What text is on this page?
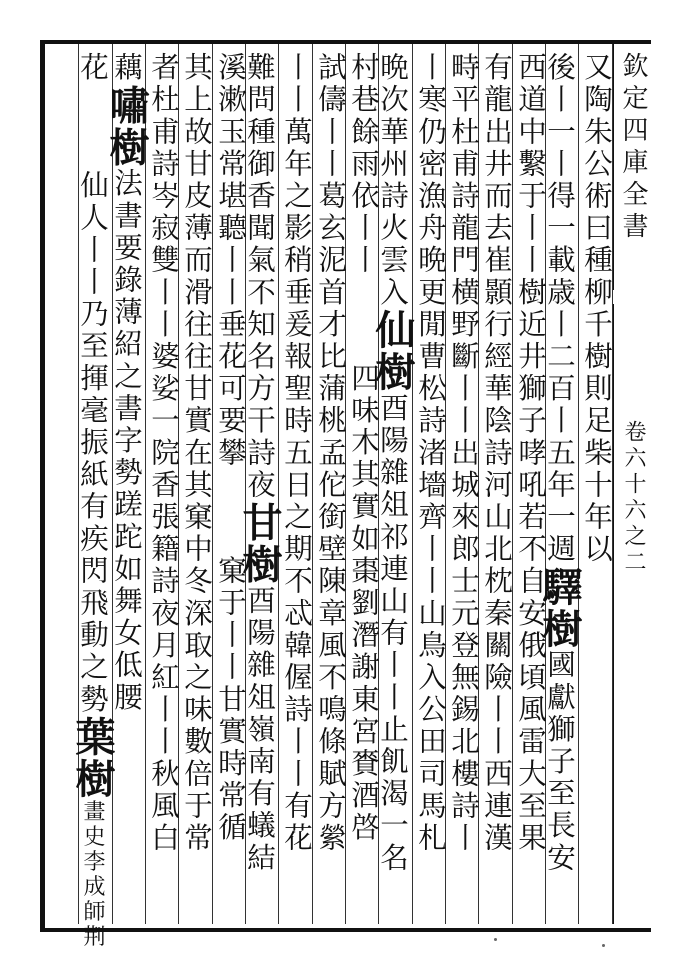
欽定四庫全書
卷六十六之二
又陶朱公術曰種柳千樹則足柴十年以
後丨一丨得一載歳丨二百丨五年一週驛樹國獻獅子至長安
西道中繫于丨丨樹近井獅子哮吼若不自安俄頃風雷大至果
有龍出井而去崔顥行經華陰詩河山北枕秦關險丨丨西連漢
畤平杜甫詩龍門横野斷丨丨出城來郎士元登無錫北樓詩丨
丨寒仍密漁舟晩更閒曹松詩渚墻齊丨丨山鳥入公田司馬札
晩次華州詩火雲入仙樹酉陽雜俎祁連山有丨丨止飢渴一名
村巷餘雨依丨丨四味木其實如棗劉潛謝東宮賚酒啓
試儔丨丨葛玄泥首才比蒲桃孟佗銜壁陳章風不鳴條賦方縈
丨丨萬年之影稍垂爰報聖時五日之期不忒韓偓詩丨丨有花
難問種御香聞氣不知名方干詩夜甘樹酉陽雜俎嶺南有蟻結
溪漱玉常堪聽丨丨垂花可要攀窠于丨丨甘實時常循
其上故甘皮薄而滑往往甘實在其窠中冬深取之味數倍于常
者杜甫詩岑寂雙丨丨婆娑一院香張籍詩夜月紅丨丨秋風白
藕嘯樹法書要錄薄紹之書字勢蹉跎如舞女低腰
花仙人丨丨乃至揮毫振紙有疾閃飛動之勢葉樹畫史李成師荆
